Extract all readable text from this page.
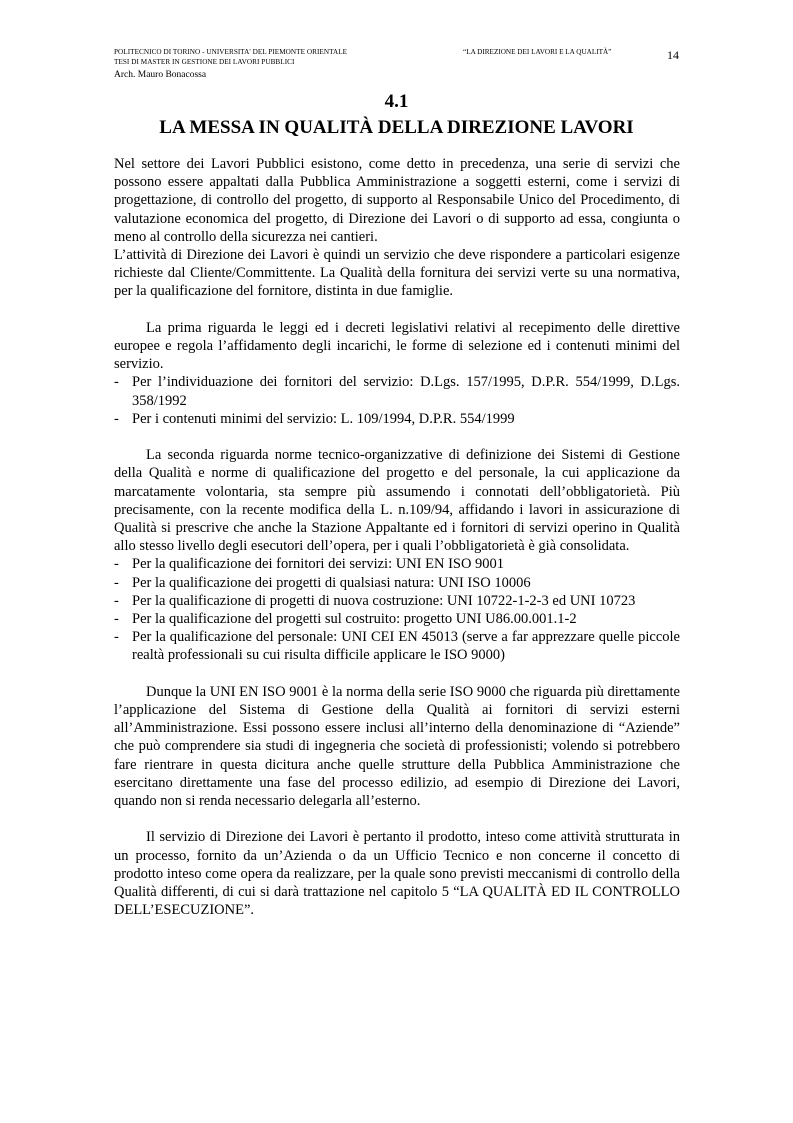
POLITECNICO DI TORINO - UNIVERSITA' DEL PIEMONTE ORIENTALE
TESI DI MASTER IN GESTIONE DEI LAVORI PUBBLICI
Arch. Mauro Bonacossa
“LA DIREZIONE DEI LAVORI E LA QUALITÀ”	14
4.1
LA MESSA IN QUALITÀ DELLA DIREZIONE LAVORI

Nel settore dei Lavori Pubblici esistono, come detto in precedenza, una serie di servizi che possono essere appaltati dalla Pubblica Amministrazione a soggetti esterni, come i servizi di progettazione, di controllo del progetto, di supporto al Responsabile Unico del Procedimento, di valutazione economica del progetto, di Direzione dei Lavori o di supporto ad essa, congiunta o meno al controllo della sicurezza nei cantieri.

L’attività di Direzione dei Lavori è quindi un servizio che deve rispondere a particolari esigenze richieste dal Cliente/Committente. La Qualità della fornitura dei servizi verte su una normativa, per la qualificazione del fornitore, distinta in due famiglie.

La prima riguarda le leggi ed i decreti legislativi relativi al recepimento delle direttive europee e regola l’affidamento degli incarichi, le forme di selezione ed i contenuti minimi del servizio.

- Per l’individuazione dei fornitori del servizio: D.Lgs. 157/1995, D.P.R. 554/1999, D.Lgs. 358/1992
- Per i contenuti minimi del servizio: L. 109/1994, D.P.R. 554/1999

La seconda riguarda norme tecnico-organizzative di definizione dei Sistemi di Gestione della Qualità e norme di qualificazione del progetto e del personale, la cui applicazione da marcatamente volontaria, sta sempre più assumendo i connotati dell’obbligatorietà. Più precisamente, con la recente modifica della L. n.109/94, affidando i lavori in assicurazione di Qualità si prescrive che anche la Stazione Appaltante ed i fornitori di servizi operino in Qualità allo stesso livello degli esecutori dell’opera, per i quali l’obbligatorietà è già consolidata.

- Per la qualificazione dei fornitori dei servizi: UNI EN ISO 9001
- Per la qualificazione dei progetti di qualsiasi natura: UNI ISO 10006
- Per la qualificazione di progetti di nuova costruzione: UNI 10722-1-2-3 ed UNI 10723
- Per la qualificazione del progetti sul costruito: progetto UNI U86.00.001.1-2
- Per la qualificazione del personale: UNI CEI EN 45013 (serve a far apprezzare quelle piccole realtà professionali su cui risulta difficile applicare le ISO 9000)

Dunque la UNI EN ISO 9001 è la norma della serie ISO 9000 che riguarda più direttamente l’applicazione del Sistema di Gestione della Qualità ai fornitori di servizi esterni all’Amministrazione. Essi possono essere inclusi all’interno della denominazione di “Aziende” che può comprendere sia studi di ingegneria che società di professionisti; volendo si potrebbero fare rientrare in questa dicitura anche quelle strutture della Pubblica Amministrazione che esercitano direttamente una fase del processo edilizio, ad esempio di Direzione dei Lavori, quando non si renda necessario delegarla all’esterno.

Il servizio di Direzione dei Lavori è pertanto il prodotto, inteso come attività strutturata in un processo, fornito da un’Azienda o da un Ufficio Tecnico e non concerne il concetto di prodotto inteso come opera da realizzare, per la quale sono previsti meccanismi di controllo della Qualità differenti, di cui si darà trattazione nel capitolo 5 “LA QUALITÀ ED IL CONTROLLO DELL’ESECUZIONE”.
